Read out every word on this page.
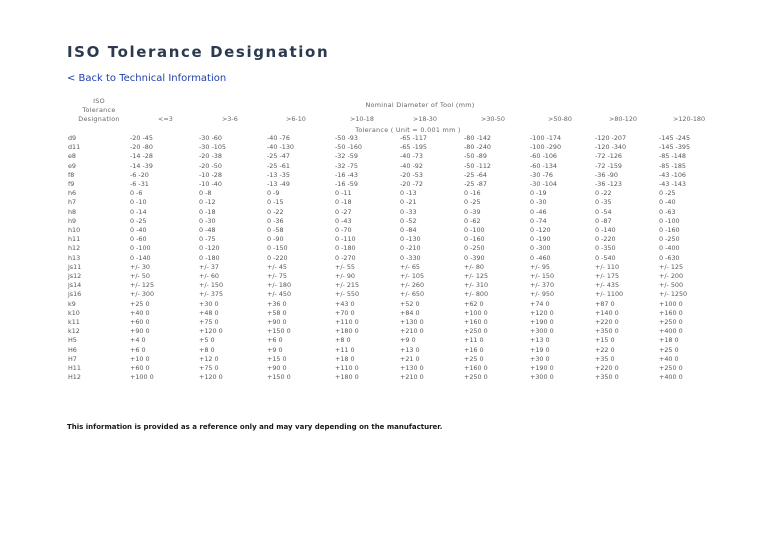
ISO Tolerance Designation
< Back to Technical Information
ISO
Tolerance
Designation
Nominal Diameter of Tool (mm)
<=3	>3-6	>6-10	>10-18	>18-30	>30-50	>50-80	>80-120	>120-180
Tolerance ( Unit = 0.001 mm )
d9	-20 -45	-30 -60	-40 -76	-50 -93	-65 -117	-80 -142	-100 -174	-120 -207	-145 -245
d11	-20 -80	-30 -105	-40 -130	-50 -160	-65 -195	-80 -240	-100 -290	-120 -340	-145 -395
e8	-14 -28	-20 -38	-25 -47	-32 -59	-40 -73	-50 -89	-60 -106	-72 -126	-85 -148
e9	-14 -39	-20 -50	-25 -61	-32 -75	-40 -92	-50 -112	-60 -134	-72 -159	-85 -185
f8	-6 -20	-10 -28	-13 -35	-16 -43	-20 -53	-25 -64	-30 -76	-36 -90	-43 -106
f9	-6 -31	-10 -40	-13 -49	-16 -59	-20 -72	-25 -87	-30 -104	-36 -123	-43 -143
h6	0 -6	0 -8	0 -9	0 -11	0 -13	0 -16	0 -19	0 -22	0 -25
h7	0 -10	0 -12	0 -15	0 -18	0 -21	0 -25	0 -30	0 -35	0 -40
h8	0 -14	0 -18	0 -22	0 -27	0 -33	0 -39	0 -46	0 -54	0 -63
h9	0 -25	0 -30	0 -36	0 -43	0 -52	0 -62	0 -74	0 -87	0 -100
h10	0 -40	0 -48	0 -58	0 -70	0 -84	0 -100	0 -120	0 -140	0 -160
h11	0 -60	0 -75	0 -90	0 -110	0 -130	0 -160	0 -190	0 -220	0 -250
h12	0 -100	0 -120	0 -150	0 -180	0 -210	0 -250	0 -300	0 -350	0 -400
h13	0 -140	0 -180	0 -220	0 -270	0 -330	0 -390	0 -460	0 -540	0 -630
js11	+/- 30	+/- 37	+/- 45	+/- 55	+/- 65	+/- 80	+/- 95	+/- 110	+/- 125
js12	+/- 50	+/- 60	+/- 75	+/- 90	+/- 105	+/- 125	+/- 150	+/- 175	+/- 200
js14	+/- 125	+/- 150	+/- 180	+/- 215	+/- 260	+/- 310	+/- 370	+/- 435	+/- 500
js16	+/- 300	+/- 375	+/- 450	+/- 550	+/- 650	+/- 800	+/- 950	+/- 1100	+/- 1250
k9	+25 0	+30 0	+36 0	+43 0	+52 0	+62 0	+74 0	+87 0	+100 0
k10	+40 0	+48 0	+58 0	+70 0	+84 0	+100 0	+120 0	+140 0	+160 0
k11	+60 0	+75 0	+90 0	+110 0	+130 0	+160 0	+190 0	+220 0	+250 0
k12	+90 0	+120 0	+150 0	+180 0	+210 0	+250 0	+300 0	+350 0	+400 0
H5	+4 0	+5 0	+6 0	+8 0	+9 0	+11 0	+13 0	+15 0	+18 0
H6	+6 0	+8 0	+9 0	+11 0	+13 0	+16 0	+19 0	+22 0	+25 0
H7	+10 0	+12 0	+15 0	+18 0	+21 0	+25 0	+30 0	+35 0	+40 0
H11	+60 0	+75 0	+90 0	+110 0	+130 0	+160 0	+190 0	+220 0	+250 0
H12	+100 0	+120 0	+150 0	+180 0	+210 0	+250 0	+300 0	+350 0	+400 0
This information is provided as a reference only and may vary depending on the manufacturer.
